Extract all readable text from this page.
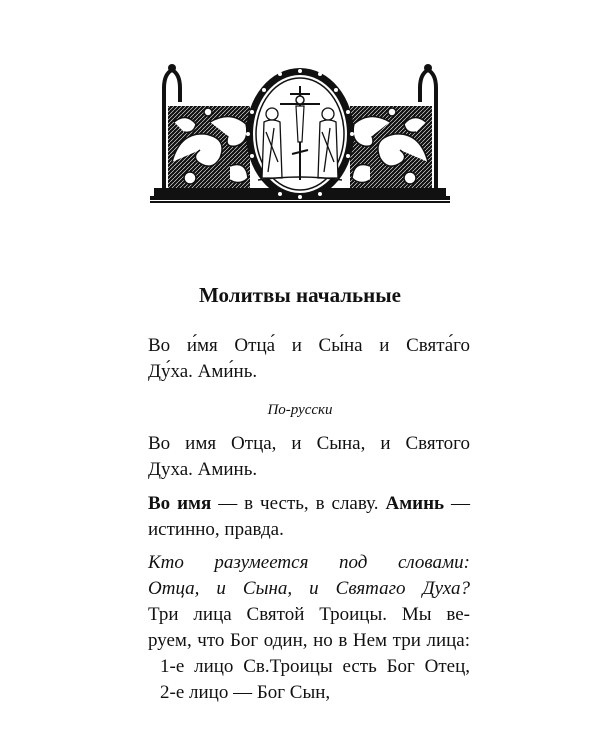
Молитвы начальные
Во и́мя Отца́ и Сы́на и Свята́го
Ду́ха. Ами́нь.
По-русски
Во имя Отца, и Сына, и Святого
Духа. Аминь.
Во имя — в честь, в славу. Аминь —
истинно, правда.
Кто разумеется под словами:
Отца, и Сына, и Святаго Духа?
Три лица Святой Троицы. Мы ве-
руем, что Бог один, но в Нем три лица:
1-е лицо Св.Троицы есть Бог Отец,
2-е лицо — Бог Сын,
